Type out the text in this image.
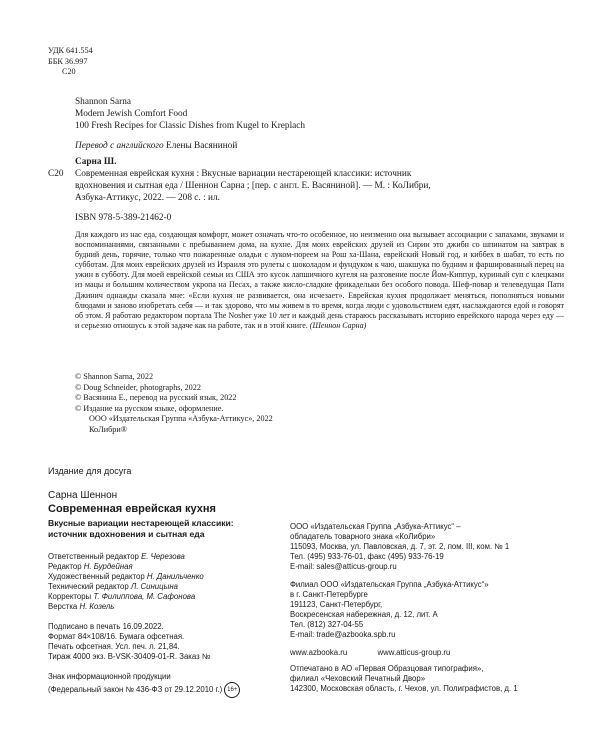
УДК 641.554
ББК 36.997
С20
Shannon Sarna
Modern Jewish Comfort Food
100 Fresh Recipes for Classic Dishes from Kugel to Kreplach
Перевод с английского Елены Васяниной
Сарна Ш.
С20 Современная еврейская кухня : Вкусные вариации нестареющей классики: источник
вдохновения и сытная еда / Шеннон Сарна ; [пер. с англ. Е. Васяниной]. — М. : КоЛибри,
Азбука-Аттикус, 2022. — 208 с. : ил.
ISBN 978-5-389-21462-0
Для каждого из нас еда, создающая комфорт, может означать что-то особенное, но неизменно она вызывает ассоциации с запахами, звуками и воспоминаниями, связанными с пребыванием дома, на кухне. Для моих еврейских друзей из Сирии это джибн со шпинатом на завтрак в будний день, горячие, только что пожаренные оладьи с луком-пореем на Рош ха-Шана, еврейский Новый год, и киббех в шабат, то есть по субботам. Для моих еврейских друзей из Израиля это рулеты с шоколадом и фундуком к чаю, шакшука по будним и фаршированный перец на ужин в субботу. Для моей еврейской семьи из США это кусок лапшичного кугеля на разговение после Йом-Киппур, куриный суп с клецками из мацы и большим количеством укропа на Песах, а также кисло-сладкие фрикадельки без особого повода. Шеф-повар и телеведущая Пати Джинич однажды сказала мне: «Если кухня не развивается, она исчезает». Еврейская кухня продолжает меняться, пополняться новыми блюдами и заново изобретать себя — и так здорово, что мы живем в то время, когда люди с удовольствием едят, наслаждаются едой и говорят об этом. Я работаю редактором портала The Nosher уже 10 лет и каждый день стараюсь рассказывать историю еврейского народа через еду — и серьезно отношусь к этой задаче как на работе, так и в этой книге. (Шеннон Сарна)
© Shannon Sarna, 2022
© Doug Schneider, photographs, 2022
© Васянина Е., перевод на русский язык, 2022
© Издание на русском языке, оформление.
ООО «Издательская Группа «Азбука-Аттикус», 2022
КоЛибри®
Издание для досуга
Сарна Шеннон
Современная еврейская кухня
Вкусные вариации нестареющей классики:
источник вдохновения и сытная еда
Ответственный редактор Е. Черезова
Редактор Н. Бурдейная
Художественный редактор Н. Данильченко
Технический редактор Л. Синицына
Корректоры Т. Филиппова, М. Сафонова
Верстка Н. Козель
Подписано в печать 16.09.2022.
Формат 84×108/16. Бумага офсетная.
Печать офсетная. Усл. печ. л. 21,84.
Тираж 4000 экз. B-VSK-30409-01-R. Заказ №
Знак информационной продукции
(Федеральный закон № 436-ФЗ от 29.12.2010 г.) 16+
ООО «Издательская Группа „Азбука-Аттикус“ –
обладатель товарного знака «КоЛибри»
115093, Москва, ул. Павловская, д. 7, эт. 2, пом. III, ком. № 1
Тел. (495) 933-76-01, факс (495) 933-76-19
E-mail: sales@atticus-group.ru
Филиал ООО «Издательская Группа „Азбука-Аттикус“»
в г. Санкт-Петербурге
191123, Санкт-Петербург,
Воскресенская набережная, д. 12, лит. А
Тел. (812) 327-04-55
E-mail: trade@azbooka.spb.ru
www.azbooka.ru	www.atticus-group.ru
Отпечатано в АО «Первая Образцовая типография»,
филиал «Чеховский Печатный Двор»
142300, Московская область, г. Чехов, ул. Полиграфистов, д. 1
